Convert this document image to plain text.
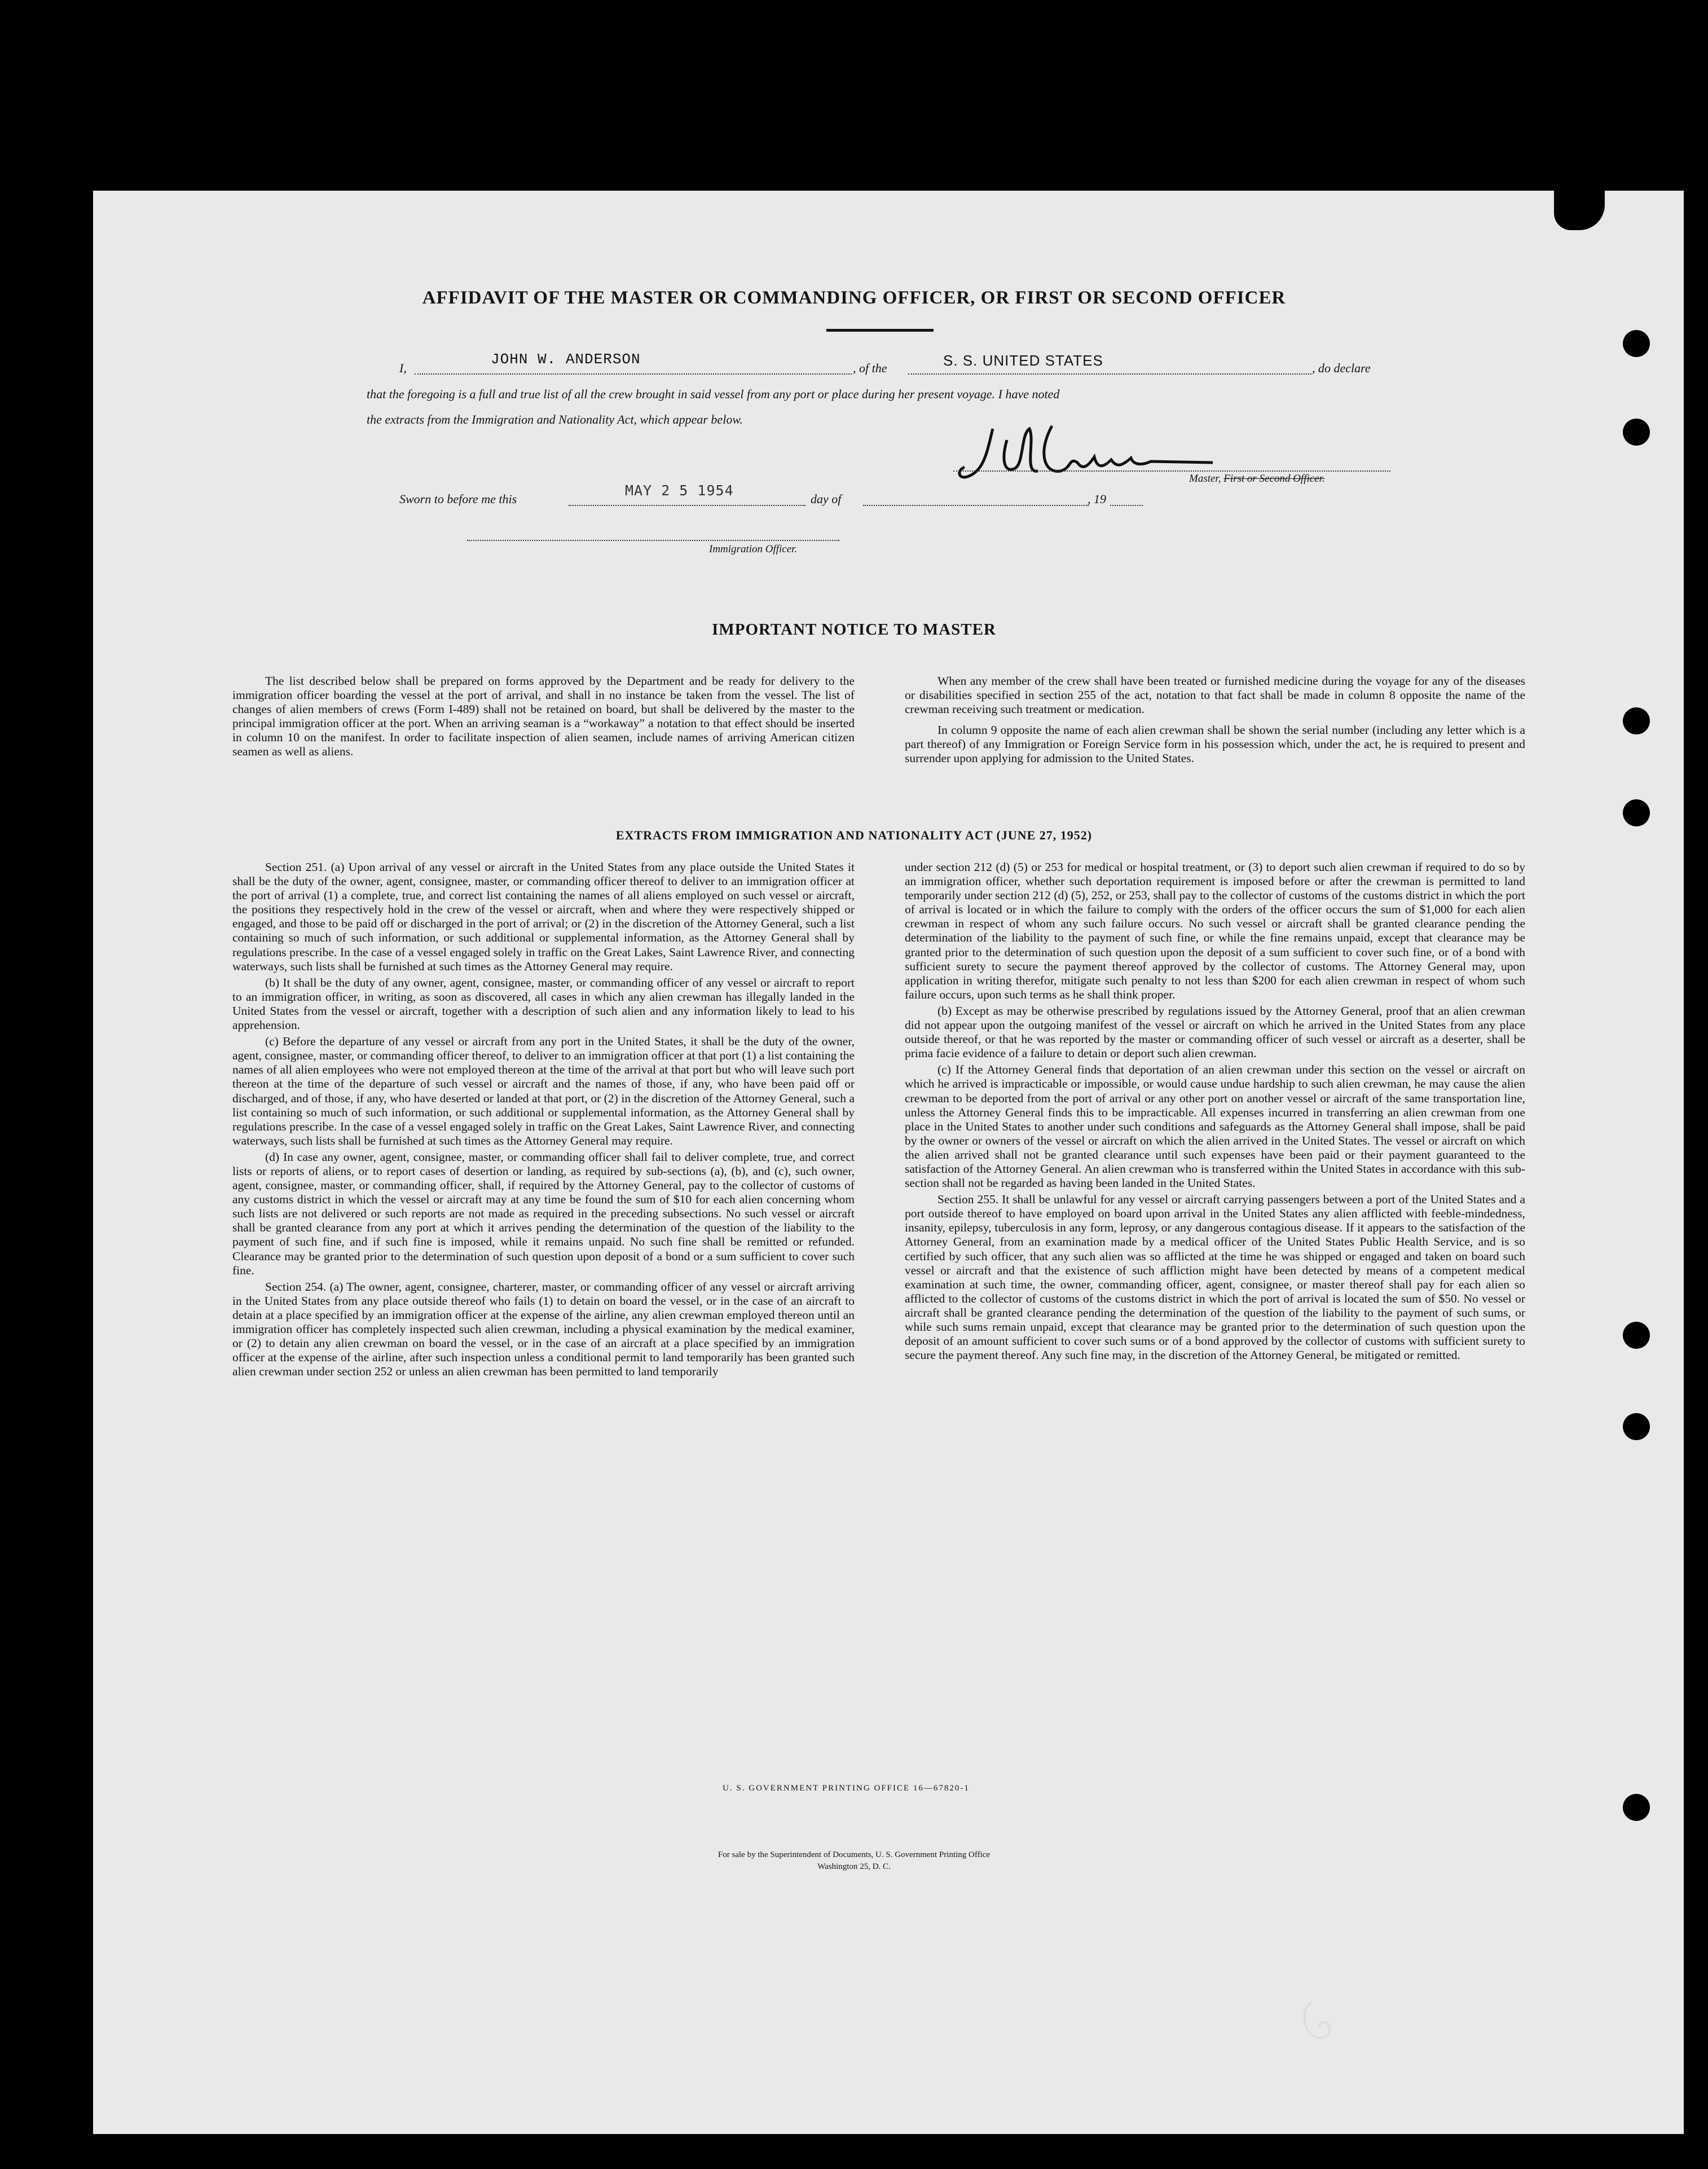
AFFIDAVIT OF THE MASTER OR COMMANDING OFFICER, OR FIRST OR SECOND OFFICER
I,
JOHN W. ANDERSON
, of the	S. S. UNITED STATES	, do declare
that the foregoing is a full and true list of all the crew brought in said vessel from any port or place during her present voyage. I have noted
the extracts from the Immigration and Nationality Act, which appear below.
Master, First or Second Officer.
Sworn to before me this
MAY 2 5 1954
day of	, 19
Immigration Officer.
IMPORTANT NOTICE TO MASTER

The list described below shall be prepared on forms approved by the Department and be ready for delivery to the immigration officer boarding the vessel at the port of arrival, and shall in no instance be taken from the vessel. The list of changes of alien members of crews (Form I-489) shall not be retained on board, but shall be delivered by the master to the principal immigration officer at the port. When an arriving seaman is a “workaway” a notation to that effect should be inserted in column 10 on the manifest. In order to facilitate inspection of alien seamen, include names of arriving American citizen seamen as well as aliens.

When any member of the crew shall have been treated or furnished medicine during the voyage for any of the diseases or disabilities specified in section 255 of the act, notation to that fact shall be made in column 8 opposite the name of the crewman receiving such treatment or medication.

In column 9 opposite the name of each alien crewman shall be shown the serial number (including any letter which is a part thereof) of any Immigration or Foreign Service form in his possession which, under the act, he is required to present and surrender upon applying for admission to the United States.

EXTRACTS FROM IMMIGRATION AND NATIONALITY ACT (JUNE 27, 1952)

Section 251. (a) Upon arrival of any vessel or aircraft in the United States from any place outside the United States it shall be the duty of the owner, agent, consignee, master, or commanding officer thereof to deliver to an immigration officer at the port of arrival (1) a complete, true, and correct list containing the names of all aliens employed on such vessel or aircraft, the positions they respectively hold in the crew of the vessel or aircraft, when and where they were respectively shipped or engaged, and those to be paid off or discharged in the port of arrival; or (2) in the discretion of the Attorney General, such a list containing so much of such information, or such additional or supplemental information, as the Attorney General shall by regulations prescribe. In the case of a vessel engaged solely in traffic on the Great Lakes, Saint Lawrence River, and connecting waterways, such lists shall be furnished at such times as the Attorney General may require.

(b) It shall be the duty of any owner, agent, consignee, master, or commanding officer of any vessel or aircraft to report to an immigration officer, in writing, as soon as discovered, all cases in which any alien crewman has illegally landed in the United States from the vessel or aircraft, together with a description of such alien and any information likely to lead to his apprehension.

(c) Before the departure of any vessel or aircraft from any port in the United States, it shall be the duty of the owner, agent, consignee, master, or commanding officer thereof, to deliver to an immigration officer at that port (1) a list containing the names of all alien employees who were not employed thereon at the time of the arrival at that port but who will leave such port thereon at the time of the departure of such vessel or aircraft and the names of those, if any, who have been paid off or discharged, and of those, if any, who have deserted or landed at that port, or (2) in the discretion of the Attorney General, such a list containing so much of such information, or such additional or supplemental information, as the Attorney General shall by regulations prescribe. In the case of a vessel engaged solely in traffic on the Great Lakes, Saint Lawrence River, and connecting waterways, such lists shall be furnished at such times as the Attorney General may require.

(d) In case any owner, agent, consignee, master, or commanding officer shall fail to deliver complete, true, and correct lists or reports of aliens, or to report cases of desertion or landing, as required by sub-sections (a), (b), and (c), such owner, agent, consignee, master, or commanding officer, shall, if required by the Attorney General, pay to the collector of customs of any customs district in which the vessel or aircraft may at any time be found the sum of $10 for each alien concerning whom such lists are not delivered or such reports are not made as required in the preceding subsections. No such vessel or aircraft shall be granted clearance from any port at which it arrives pending the determination of the question of the liability to the payment of such fine, and if such fine is imposed, while it remains unpaid. No such fine shall be remitted or refunded. Clearance may be granted prior to the determination of such question upon deposit of a bond or a sum sufficient to cover such fine.

Section 254. (a) The owner, agent, consignee, charterer, master, or commanding officer of any vessel or aircraft arriving in the United States from any place outside thereof who fails (1) to detain on board the vessel, or in the case of an aircraft to detain at a place specified by an immigration officer at the expense of the airline, any alien crewman employed thereon until an immigration officer has completely inspected such alien crewman, including a physical examination by the medical examiner, or (2) to detain any alien crewman on board the vessel, or in the case of an aircraft at a place specified by an immigration officer at the expense of the airline, after such inspection unless a conditional permit to land temporarily has been granted such alien crewman under section 252 or unless an alien crewman has been permitted to land temporarily

under section 212 (d) (5) or 253 for medical or hospital treatment, or (3) to deport such alien crewman if required to do so by an immigration officer, whether such deportation requirement is imposed before or after the crewman is permitted to land temporarily under section 212 (d) (5), 252, or 253, shall pay to the collector of customs of the customs district in which the port of arrival is located or in which the failure to comply with the orders of the officer occurs the sum of $1,000 for each alien crewman in respect of whom any such failure occurs. No such vessel or aircraft shall be granted clearance pending the determination of the liability to the payment of such fine, or while the fine remains unpaid, except that clearance may be granted prior to the determination of such question upon the deposit of a sum sufficient to cover such fine, or of a bond with sufficient surety to secure the payment thereof approved by the collector of customs. The Attorney General may, upon application in writing therefor, mitigate such penalty to not less than $200 for each alien crewman in respect of whom such failure occurs, upon such terms as he shall think proper.

(b) Except as may be otherwise prescribed by regulations issued by the Attorney General, proof that an alien crewman did not appear upon the outgoing manifest of the vessel or aircraft on which he arrived in the United States from any place outside thereof, or that he was reported by the master or commanding officer of such vessel or aircraft as a deserter, shall be prima facie evidence of a failure to detain or deport such alien crewman.

(c) If the Attorney General finds that deportation of an alien crewman under this section on the vessel or aircraft on which he arrived is impracticable or impossible, or would cause undue hardship to such alien crewman, he may cause the alien crewman to be deported from the port of arrival or any other port on another vessel or aircraft of the same transportation line, unless the Attorney General finds this to be impracticable. All expenses incurred in transferring an alien crewman from one place in the United States to another under such conditions and safeguards as the Attorney General shall impose, shall be paid by the owner or owners of the vessel or aircraft on which the alien arrived in the United States. The vessel or aircraft on which the alien arrived shall not be granted clearance until such expenses have been paid or their payment guaranteed to the satisfaction of the Attorney General. An alien crewman who is transferred within the United States in accordance with this sub-section shall not be regarded as having been landed in the United States.

Section 255. It shall be unlawful for any vessel or aircraft carrying passengers between a port of the United States and a port outside thereof to have employed on board upon arrival in the United States any alien afflicted with feeble-mindedness, insanity, epilepsy, tuberculosis in any form, leprosy, or any dangerous contagious disease. If it appears to the satisfaction of the Attorney General, from an examination made by a medical officer of the United States Public Health Service, and is so certified by such officer, that any such alien was so afflicted at the time he was shipped or engaged and taken on board such vessel or aircraft and that the existence of such affliction might have been detected by means of a competent medical examination at such time, the owner, commanding officer, agent, consignee, or master thereof shall pay for each alien so afflicted to the collector of customs of the customs district in which the port of arrival is located the sum of $50. No vessel or aircraft shall be granted clearance pending the determination of the question of the liability to the payment of such sums, or while such sums remain unpaid, except that clearance may be granted prior to the determination of such question upon the deposit of an amount sufficient to cover such sums or of a bond approved by the collector of customs with sufficient surety to secure the payment thereof. Any such fine may, in the discretion of the Attorney General, be mitigated or remitted.

U. S. GOVERNMENT PRINTING OFFICE 16—67820-1
For sale by the Superintendent of Documents, U. S. Government Printing Office
Washington 25, D. C.
